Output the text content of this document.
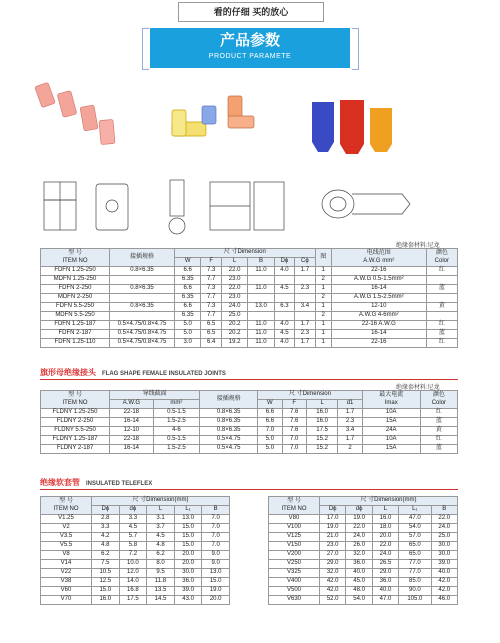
看的仔细 买的放心
产品参数
PRODUCT PARAMETE
绝缘套材料:尼龙
型 号
ITEM NO	接插规格	尺 寸Dimension						图	电线范围
A.W.G mm²	颜色
Color
		W	F	L	B	Dϕ	Cϕ			
FDFN 1.25-250	0.8×6.35	6.6	7.3	22.0	11.0	4.0	1.7	1	22-16	红
MDFN 1.25-250		6.35	7.7	23.0				2	A.W.G 0.5-1.5mm²	
FDFN 2-250	0.8×6.35	6.6	7.3	22.0	11.0	4.5	2.3	1	16-14	蓝
MDFN 2-250		6.35	7.7	23.0				2	A.W.G 1.5-2.5mm²	
FDFN 5.5-250	0.8×6.35	6.6	7.3	24.0	13.0	6.3	3.4	1	12-10	黄
MDFN 5.5-250		6.35	7.7	25.0				2	A.W.G 4-6mm²	
FDFN 1.25-187	0.5×4.75/0.8×4.75	5.0	6.5	20.2	11.0	4.0	1.7	1	22-16 A.W.G	红
FDFN 2-187	0.5×4.75/0.8×4.75	5.0	6.5	20.2	11.0	4.5	2.3	1	16-14	蓝
FDFN 1.25-110	0.5×4.75/0.8×4.75	3.0	6.4	19.2	11.0	4.0	1.7	1	22-16	红
旗形母绝缘接头 FLAG SHAPE FEMALE INSULATED JOINTS
绝缘套材料:尼龙
型 号
ITEM NO	导线截面		接插规格	尺 寸Dimension				最大电流
Imax	颜色
Color
	A.W.G	mm²		W	F	L	d1		
FLDNY 1.25-250	22-18	0.5-1.5	0.8×6.35	6.6	7.6	16.0	1.7	10A	红
FLDNY 2-250	16-14	1.5-2.5	0.8×6.35	6.6	7.6	16.0	2.3	15A	蓝
FLDNY 5.5-250	12-10	4-6	0.8×6.35	7.0	7.6	17.5	3.4	24A	黄
FLDNY 1.25-187	22-18	0.5-1.5	0.5×4.75	5.0	7.0	15.2	1.7	10A	红
FLDNY 2-187	16-14	1.5-2.5	0.5×4.75	5.0	7.0	15.2	2	15A	蓝
绝缘软套管 INSULATED TELEFLEX
型 号
ITEM NO	尺 寸Dimension(mm)				
	Dϕ	dϕ	L	L₁	B
V1.25	2.8	3.3	3.1	13.0	7.0
V2	3.3	4.5	3.7	15.0	7.0
V3.5	4.2	5.7	4.5	15.0	7.0
V5.5	4.8	5.8	4.8	15.0	7.0
V8	6.2	7.2	6.2	20.0	9.0
V14	7.5	10.0	8.0	20.0	9.0
V22	10.5	12.0	9.5	30.0	13.0
V38	12.5	14.0	11.8	36.0	15.0
V60	15.0	16.8	13.5	39.0	19.0
V70	16.0	17.5	14.5	43.0	20.0
型 号
ITEM NO	尺 寸Dimension(mm)				
	Dϕ	dϕ	L	L₁	B
V80	17.0	19.0	16.0	47.0	22.0
V100	19.0	22.0	18.0	54.0	24.0
V125	21.0	24.0	20.0	57.0	25.0
V150	23.0	26.0	22.0	65.0	30.0
V200	27.0	32.0	24.0	65.0	30.0
V250	29.0	36.0	26.5	77.0	39.0
V325	32.0	40.0	29.0	77.0	40.0
V400	42.0	45.0	36.0	85.0	42.0
V500	42.0	48.0	40.0	90.0	42.0
V630	52.0	54.0	47.0	105.0	46.0
